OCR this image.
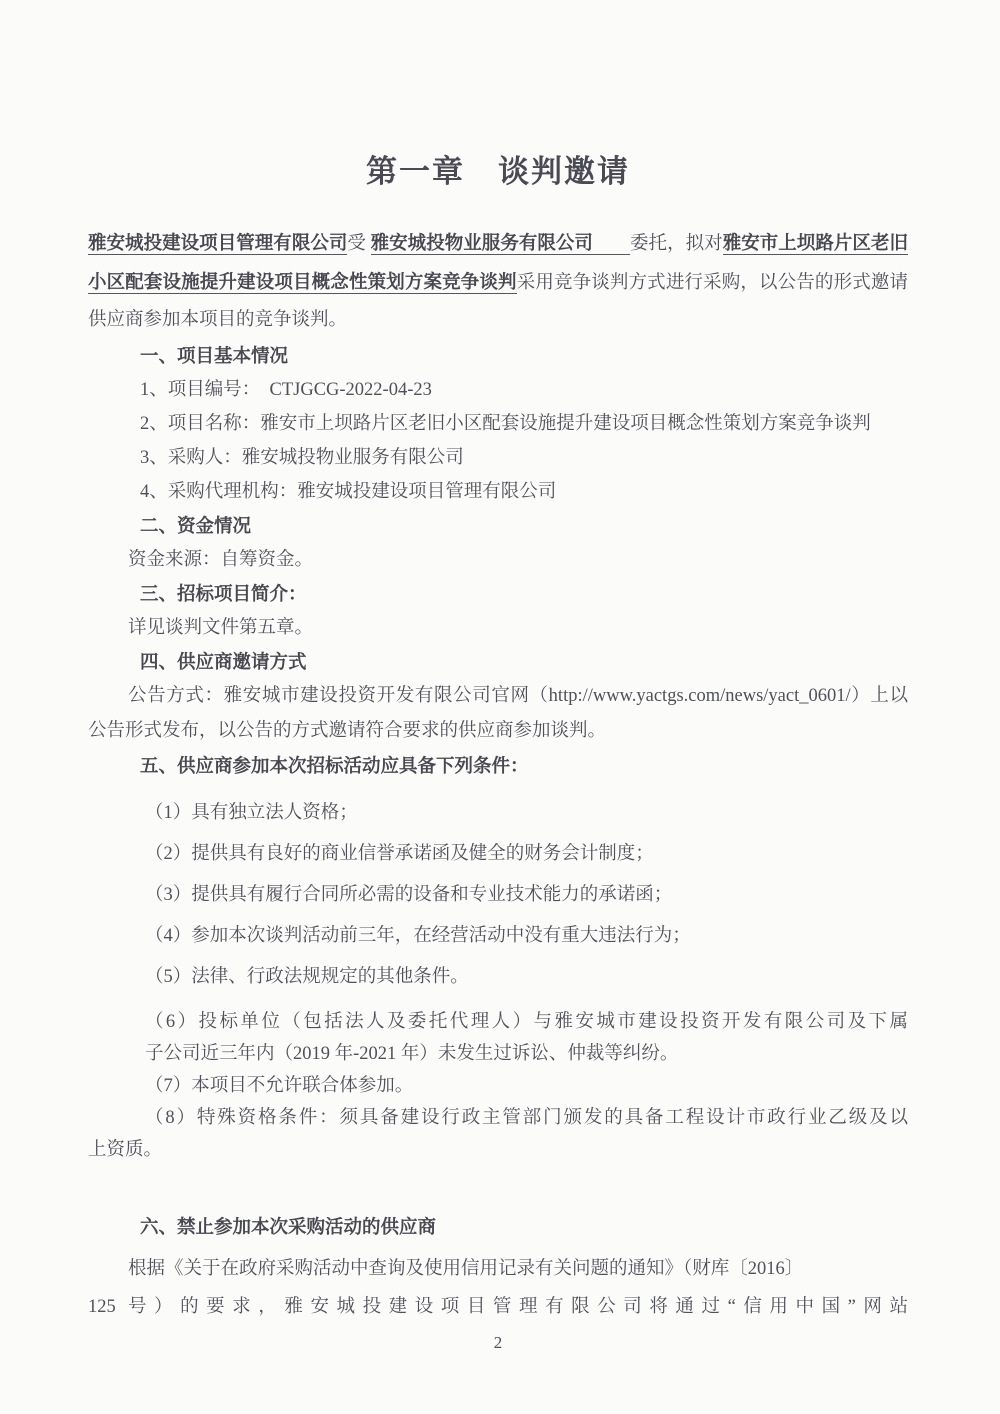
第一章　谈判邀请
雅安城投建设项目管理有限公司受 雅安城投物业服务有限公司　　 委托，拟对雅安市上坝路片区老旧小区配套设施提升建设项目概念性策划方案竞争谈判采用竞争谈判方式进行采购，以公告的形式邀请供应商参加本项目的竞争谈判。
一、项目基本情况
1、项目编号：  CTJGCG-2022-04-23
2、项目名称：雅安市上坝路片区老旧小区配套设施提升建设项目概念性策划方案竞争谈判
3、采购人：雅安城投物业服务有限公司
4、采购代理机构：雅安城投建设项目管理有限公司
二、资金情况
资金来源：自筹资金。
三、招标项目简介：
详见谈判文件第五章。
四、供应商邀请方式
公告方式：雅安城市建设投资开发有限公司官网（http://www.yactgs.com/news/yact_0601/）上以公告形式发布，以公告的方式邀请符合要求的供应商参加谈判。
五、供应商参加本次招标活动应具备下列条件：
（1）具有独立法人资格；
（2）提供具有良好的商业信誉承诺函及健全的财务会计制度；
（3）提供具有履行合同所必需的设备和专业技术能力的承诺函；
（4）参加本次谈判活动前三年，在经营活动中没有重大违法行为；
（5）法律、行政法规规定的其他条件。
（6）投标单位（包括法人及委托代理人）与雅安城市建设投资开发有限公司及下属
子公司近三年内（2019 年-2021 年）未发生过诉讼、仲裁等纠纷。
（7）本项目不允许联合体参加。
（8）特殊资格条件：须具备建设行政主管部门颁发的具备工程设计市政行业乙级及以
上资质。
六、禁止参加本次采购活动的供应商
根据《关于在政府采购活动中查询及使用信用记录有关问题的通知》（财库〔2016〕
125 号）的要求，雅安城投建设项目管理有限公司将通过“信用中国”网站
2
